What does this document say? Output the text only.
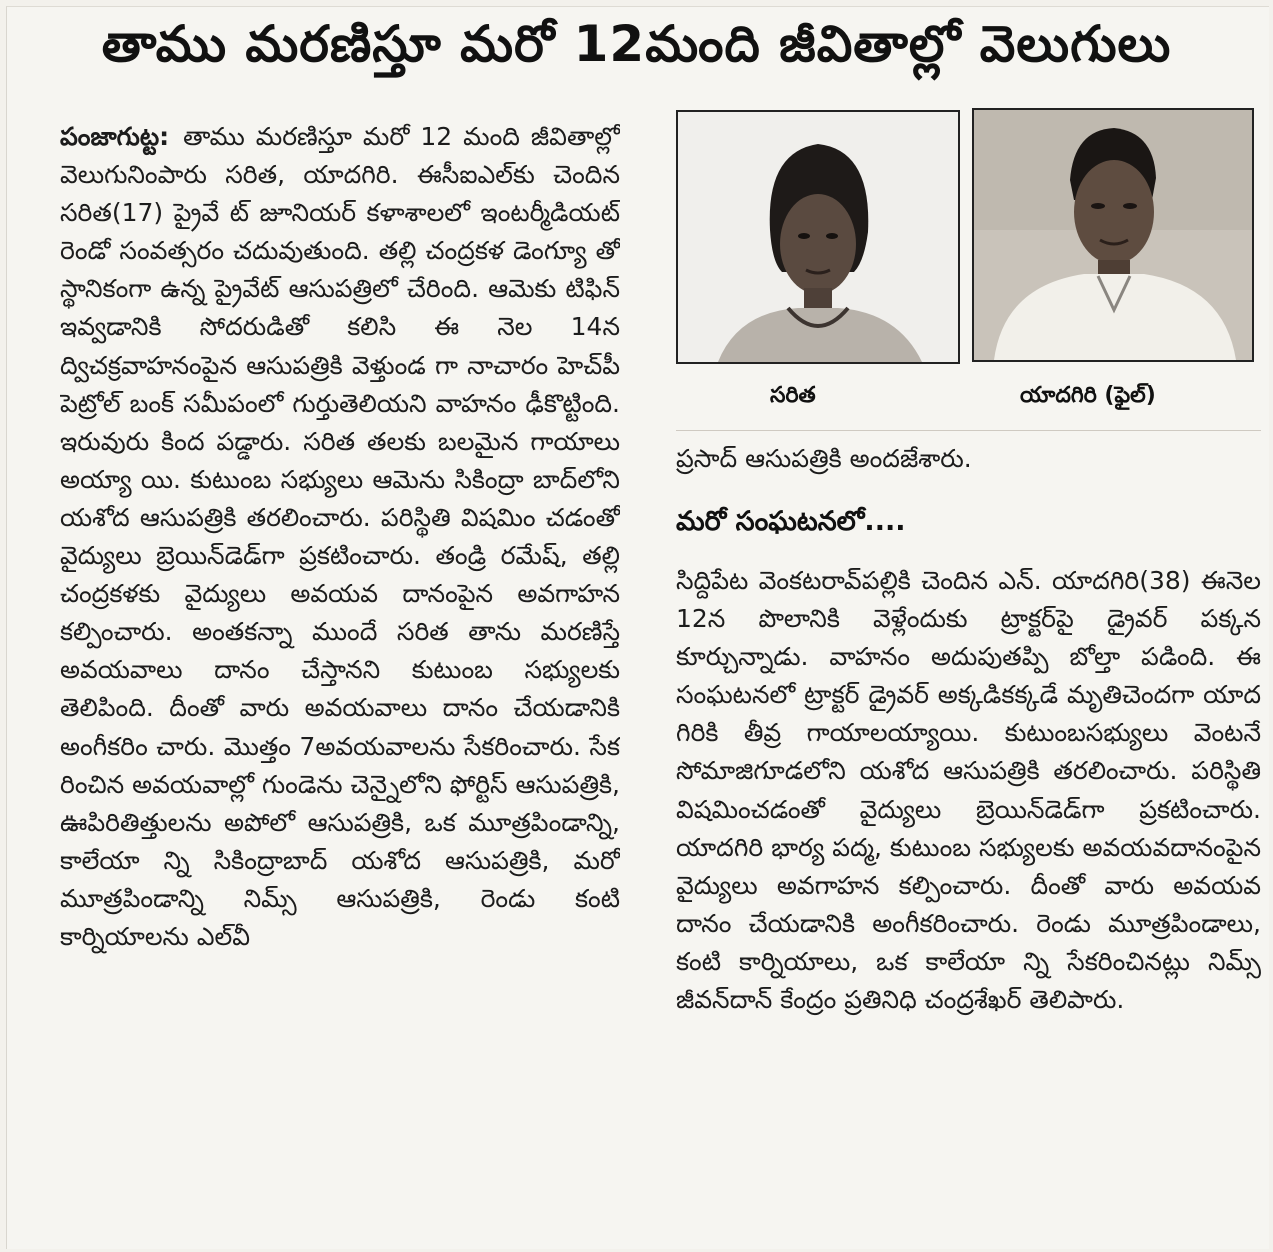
తాము మరణిస్తూ మరో 12మంది జీవితాల్లో వెలుగులు

పంజాగుట్ట: తాము మరణిస్తూ మరో 12 మంది జీవితాల్లో వెలుగునింపారు సరిత, యాదగిరి. ఈసీఐఎల్‌కు చెందిన సరిత(17) ప్రైవే ట్ జూనియర్ కళాశాలలో ఇంటర్మీడియట్ రెండో సంవత్సరం చదువుతుంది. తల్లి చంద్రకళ డెంగ్యూ తో స్థానికంగా ఉన్న ప్రైవేట్ ఆసుపత్రిలో చేరింది. ఆమెకు టిఫిన్ ఇవ్వడానికి సోదరుడితో కలిసి ఈ నెల 14న ద్విచక్రవాహనంపైన ఆసుపత్రికి వెళ్తుండ గా నాచారం హెచ్‌పీ పెట్రోల్ బంక్ సమీపంలో గుర్తుతెలియని వాహనం ఢీకొట్టింది. ఇరువురు కింద పడ్డారు. సరిత తలకు బలమైన గాయాలు అయ్యా యి. కుటుంబ సభ్యులు ఆమెను సికింద్రా బాద్‌లోని యశోద ఆసుపత్రికి తరలించారు. పరిస్థితి విషమిం చడంతో వైద్యులు బ్రెయిన్‌డెడ్‌గా ప్రకటించారు. తండ్రి రమేష్, తల్లి చంద్రకళకు వైద్యులు అవయవ దానంపైన అవగాహన కల్పించారు. అంతకన్నా ముందే సరిత తాను మరణిస్తే అవయవాలు దానం చేస్తానని కుటుంబ సభ్యులకు తెలిపింది. దీంతో వారు అవయవాలు దానం చేయడానికి అంగీకరిం చారు. మొత్తం 7అవయవాలను సేకరించారు. సేక రించిన అవయవాల్లో గుండెను చెన్నైలోని ఫోర్టిస్ ఆసుపత్రికి, ఊపిరితిత్తులను అపోలో ఆసుపత్రికి, ఒక మూత్రపిండాన్ని, కాలేయా న్ని సికింద్రాబాద్ యశోద ఆసుపత్రికి, మరో మూత్రపిండాన్ని నిమ్స్ ఆసుపత్రికి, రెండు కంటి కార్నియాలను ఎల్‌వీ

సరిత	యాదగిరి (ఫైల్)

ప్రసాద్ ఆసుపత్రికి అందజేశారు.

మరో సంఘటనలో....

సిద్దిపేట వెంకటరావ్‌పల్లికి చెందిన ఎన్. యాదగిరి(38) ఈనెల 12న పొలానికి వెళ్లేందుకు ట్రాక్టర్‌పై డ్రైవర్ పక్కన కూర్చున్నాడు. వాహనం అదుపుతప్పి బోల్తా పడింది. ఈ సంఘటనలో ట్రాక్టర్ డ్రైవర్ అక్కడికక్కడే మృతిచెందగా యాద గిరికి తీవ్ర గాయాలయ్యాయి. కుటుంబసభ్యులు వెంటనే సోమాజిగూడలోని యశోద ఆసుపత్రికి తరలించారు. పరిస్థితి విషమించడంతో వైద్యులు బ్రెయిన్‌డెడ్‌గా ప్రకటించారు. యాదగిరి భార్య పద్మ, కుటుంబ సభ్యులకు అవయవదానంపైన వైద్యులు అవగాహన కల్పించారు. దీంతో వారు అవయవ దానం చేయడానికి అంగీకరించారు. రెండు మూత్రపిండాలు, కంటి కార్నియాలు, ఒక కాలేయా న్ని సేకరించినట్లు నిమ్స్ జీవన్‌దాన్ కేంద్రం ప్రతినిధి చంద్రశేఖర్ తెలిపారు.
